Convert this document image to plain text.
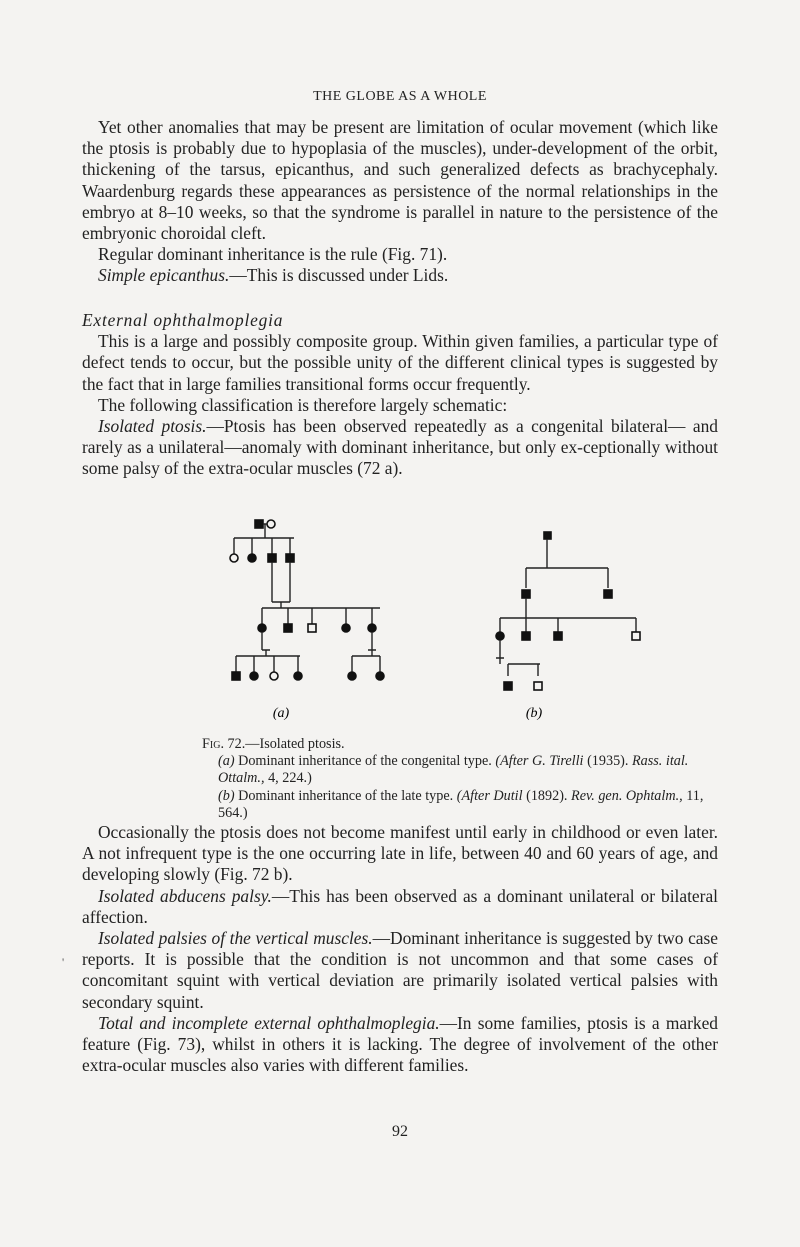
THE GLOBE AS A WHOLE

Yet other anomalies that may be present are limitation of ocular movement (which like the ptosis is probably due to hypoplasia of the muscles), under-development of the orbit, thickening of the tarsus, epicanthus, and such generalized defects as brachycephaly. Waardenburg regards these appearances as persistence of the normal relationships in the embryo at 8–10 weeks, so that the syndrome is parallel in nature to the persistence of the embryonic choroidal cleft.

Regular dominant inheritance is the rule (Fig. 71).

Simple epicanthus.—This is discussed under Lids.

External ophthalmoplegia

This is a large and possibly composite group. Within given families, a particular type of defect tends to occur, but the possible unity of the different clinical types is suggested by the fact that in large families transitional forms occur frequently.

The following classification is therefore largely schematic:

Isolated ptosis.—Ptosis has been observed repeatedly as a congenital bilateral— and rarely as a unilateral—anomaly with dominant inheritance, but only ex-ceptionally without some palsy of the extra-ocular muscles (72 a).

(a)	(b)
Fig. 72.—Isolated ptosis.
(a) Dominant inheritance of the congenital type. (After G. Tirelli (1935). Rass. ital. Ottalm., 4, 224.)
(b) Dominant inheritance of the late type. (After Dutil (1892). Rev. gen. Ophtalm., 11, 564.)

Occasionally the ptosis does not become manifest until early in childhood or even later. A not infrequent type is the one occurring late in life, between 40 and 60 years of age, and developing slowly (Fig. 72 b).

Isolated abducens palsy.—This has been observed as a dominant unilateral or bilateral affection.

Isolated palsies of the vertical muscles.—Dominant inheritance is suggested by two case reports. It is possible that the condition is not uncommon and that some cases of concomitant squint with vertical deviation are primarily isolated vertical palsies with secondary squint.

Total and incomplete external ophthalmoplegia.—In some families, ptosis is a marked feature (Fig. 73), whilst in others it is lacking. The degree of involvement of the other extra-ocular muscles also varies with different families.

'
92
